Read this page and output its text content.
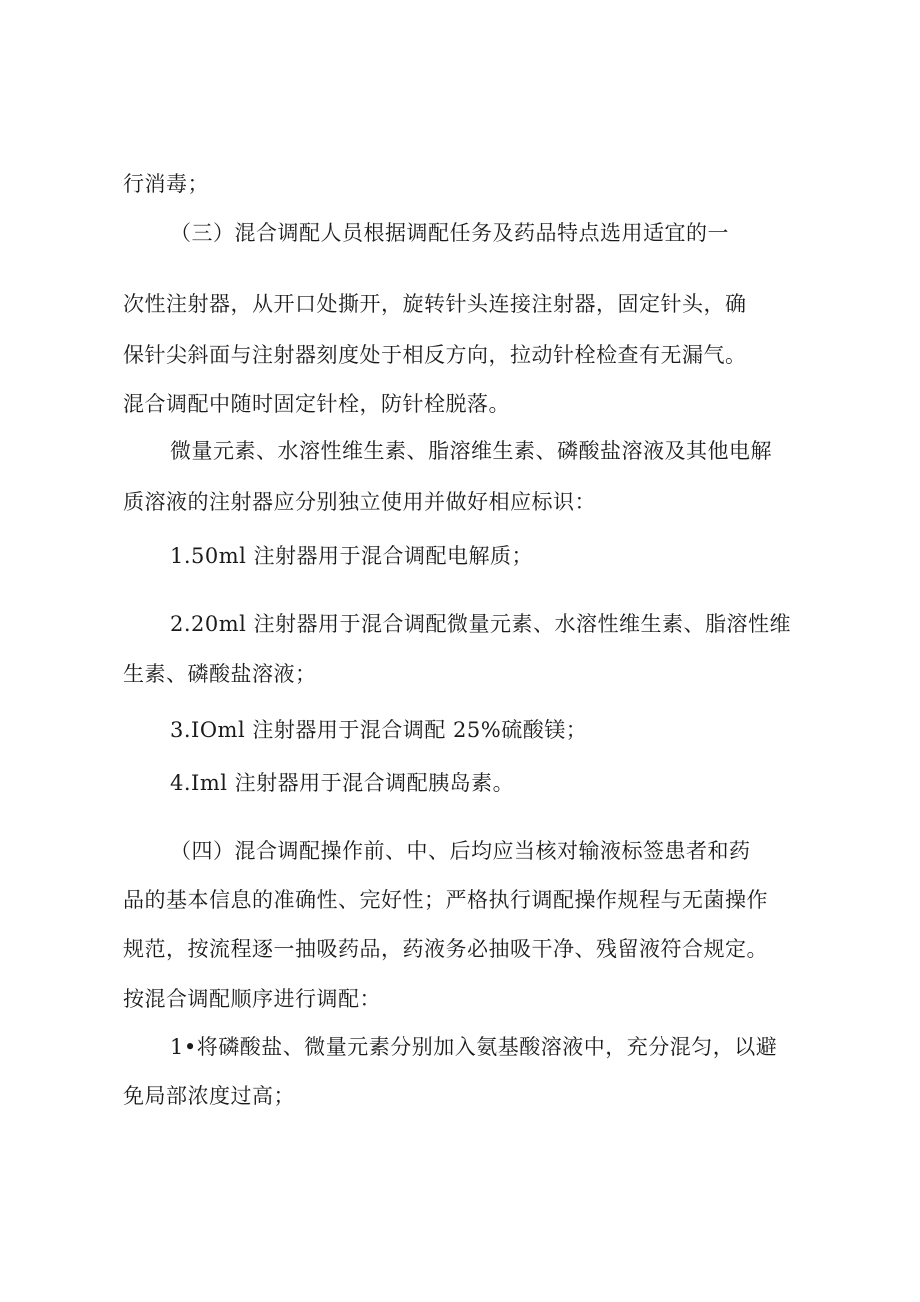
行消毒；

（三）混合调配人员根据调配任务及药品特点选用适宜的一

次性注射器，从开口处撕开，旋转针头连接注射器，固定针头，确

保针尖斜面与注射器刻度处于相反方向，拉动针栓检查有无漏气。

混合调配中随时固定针栓，防针栓脱落。

微量元素、水溶性维生素、脂溶维生素、磷酸盐溶液及其他电解

质溶液的注射器应分别独立使用并做好相应标识：

1.50ml 注射器用于混合调配电解质；

2.20ml 注射器用于混合调配微量元素、水溶性维生素、脂溶性维

生素、磷酸盐溶液；

3.IOml 注射器用于混合调配 25%硫酸镁；

4.Iml 注射器用于混合调配胰岛素。

（四）混合调配操作前、中、后均应当核对输液标签患者和药

品的基本信息的准确性、完好性；严格执行调配操作规程与无菌操作

规范，按流程逐一抽吸药品，药液务必抽吸干净、残留液符合规定。

按混合调配顺序进行调配：

1•将磷酸盐、微量元素分别加入氨基酸溶液中，充分混匀，以避

免局部浓度过高；
